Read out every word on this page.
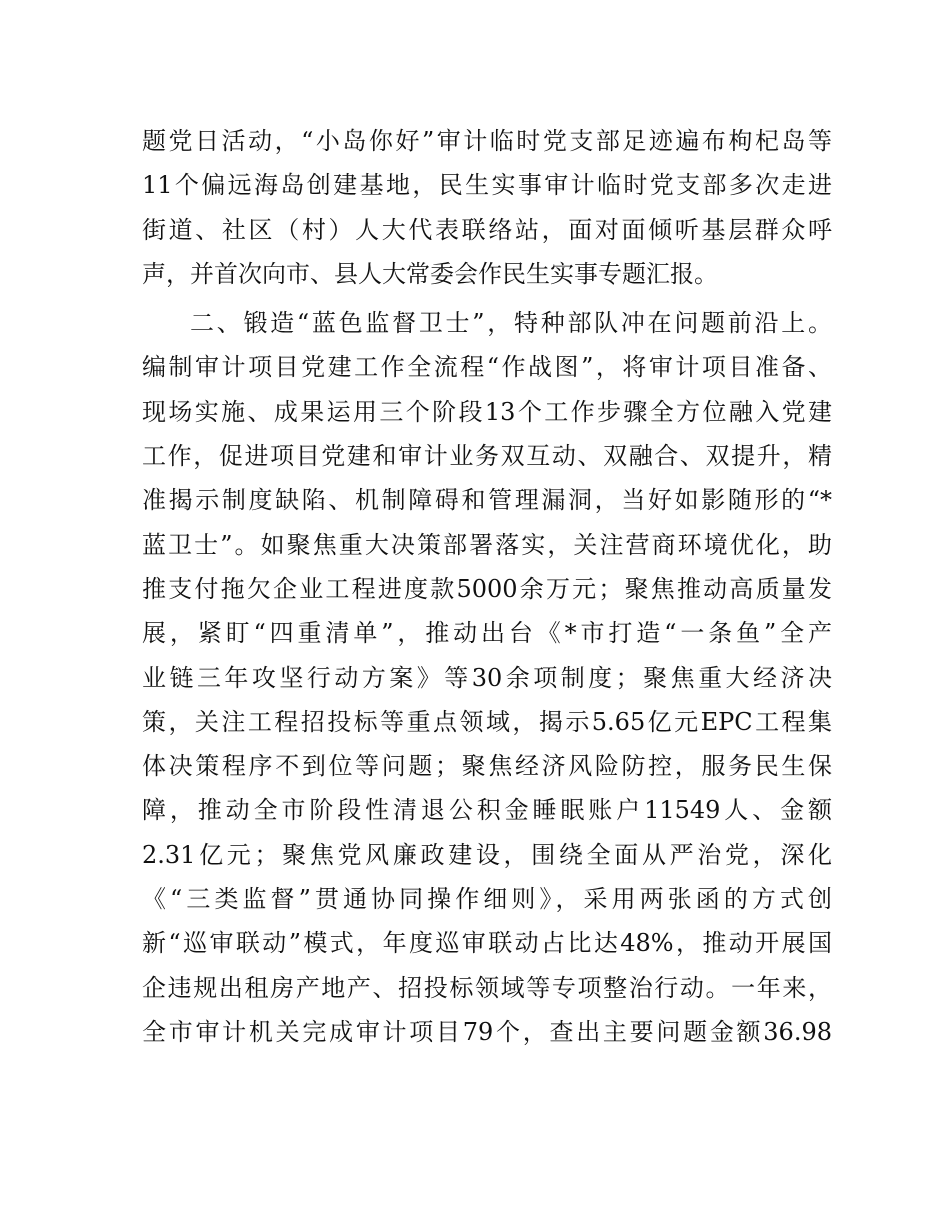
题党日活动，“小岛你好”审计临时党支部足迹遍布枸杞岛等
11个偏远海岛创建基地，民生实事审计临时党支部多次走进
街道、社区（村）人大代表联络站，面对面倾听基层群众呼
声，并首次向市、县人大常委会作民生实事专题汇报。
二、锻造“蓝色监督卫士”，特种部队冲在问题前沿上。
编制审计项目党建工作全流程“作战图”，将审计项目准备、
现场实施、成果运用三个阶段13个工作步骤全方位融入党建
工作，促进项目党建和审计业务双互动、双融合、双提升，精
准揭示制度缺陷、机制障碍和管理漏洞，当好如影随形的“*
蓝卫士”。如聚焦重大决策部署落实，关注营商环境优化，助
推支付拖欠企业工程进度款5000余万元；聚焦推动高质量发
展，紧盯“四重清单”，推动出台《*市打造“一条鱼”全产
业链三年攻坚行动方案》等30余项制度；聚焦重大经济决
策，关注工程招投标等重点领域，揭示5.65亿元EPC工程集
体决策程序不到位等问题；聚焦经济风险防控，服务民生保
障，推动全市阶段性清退公积金睡眠账户11549人、金额
2.31亿元；聚焦党风廉政建设，围绕全面从严治党，深化
《“三类监督”贯通协同操作细则》，采用两张函的方式创
新“巡审联动”模式，年度巡审联动占比达48%，推动开展国
企违规出租房产地产、招投标领域等专项整治行动。一年来，
全市审计机关完成审计项目79个，查出主要问题金额36.98
